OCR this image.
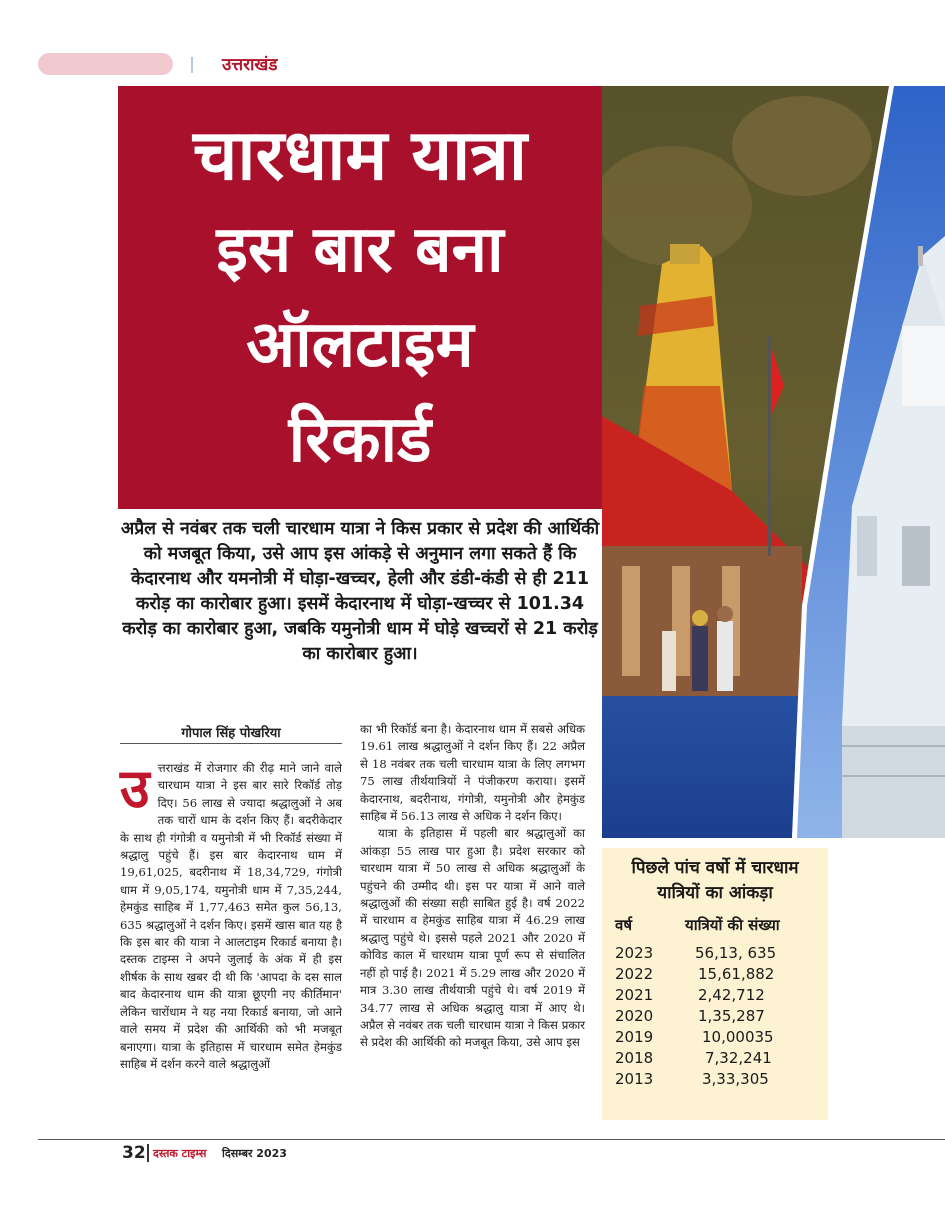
उत्तराखंड
चारधाम यात्रा
इस बार बना
ऑलटाइम
रिकार्ड
अप्रैल से नवंबर तक चली चारधाम यात्रा ने किस प्रकार से प्रदेश की आर्थिकी को मजबूत किया, उसे आप इस आंकड़े से अनुमान लगा सकते हैं कि केदारनाथ और यमनोत्री में घोड़ा-खच्चर, हेली और डंडी-कंडी से ही 211 करोड़ का कारोबार हुआ। इसमें केदारनाथ में घोड़ा-खच्चर से 101.34 करोड़ का कारोबार हुआ, जबकि यमुनोत्री धाम में घोड़े खच्चरों से 21 करोड़ का कारोबार हुआ।
गोपाल सिंह पोखरिया
उ त्तराखंड में रोजगार की रीढ़ माने जाने वाले चारधाम यात्रा ने इस बार सारे रिकॉर्ड तोड़ दिए। 56 लाख से ज्यादा श्रद्धालुओं ने अब तक चारों धाम के दर्शन किए हैं। बदरीकेदार के साथ ही गंगोत्री व यमुनोत्री में भी रिकॉर्ड संख्या में श्रद्धालु पहुंचे हैं। इस बार केदारनाथ धाम में 19,61,025, बदरीनाथ में 18,34,729, गंगोत्री धाम में 9,05,174, यमुनोत्री धाम में 7,35,244, हेमकुंड साहिब में 1,77,463 समेत कुल 56,13, 635 श्रद्धालुओं ने दर्शन किए। इसमें खास बात यह है कि इस बार की यात्रा ने आलटाइम रिकार्ड बनाया है। दस्तक टाइम्स ने अपने जुलाई के अंक में ही इस शीर्षक के साथ खबर दी थी कि 'आपदा के दस साल बाद केदारनाथ धाम की यात्रा छूएगी नए कीर्तिमान' लेकिन चारोंधाम ने यह नया रिकार्ड बनाया, जो आने वाले समय में प्रदेश की आर्थिकी को भी मजबूत बनाएगा। यात्रा के इतिहास में चारधाम समेत हेमकुंड साहिब में दर्शन करने वाले श्रद्धालुओं
का भी रिकॉर्ड बना है। केदारनाथ धाम में सबसे अधिक 19.61 लाख श्रद्धालुओं ने दर्शन किए हैं। 22 अप्रैल से 18 नवंबर तक चली चारधाम यात्रा के लिए लगभग 75 लाख तीर्थयात्रियों ने पंजीकरण कराया। इसमें केदारनाथ, बदरीनाथ, गंगोत्री, यमुनोत्री और हेमकुंड साहिब में 56.13 लाख से अधिक ने दर्शन किए।
यात्रा के इतिहास में पहली बार श्रद्धालुओं का आंकड़ा 55 लाख पार हुआ है। प्रदेश सरकार को चारधाम यात्रा में 50 लाख से अधिक श्रद्धालुओं के पहुंचने की उम्मीद थी। इस पर यात्रा में आने वाले श्रद्धालुओं की संख्या सही साबित हुई है। वर्ष 2022 में चारधाम व हेमकुंड साहिब यात्रा में 46.29 लाख श्रद्धालु पहुंचे थे। इससे पहले 2021 और 2020 में कोविड काल में चारधाम यात्रा पूर्ण रूप से संचालित नहीं हो पाई है। 2021 में 5.29 लाख और 2020 में मात्र 3.30 लाख तीर्थयात्री पहुंचे थे। वर्ष 2019 में 34.77 लाख से अधिक श्रद्धालु यात्रा में आए थे। अप्रैल से नवंबर तक चली चारधाम यात्रा ने किस प्रकार से प्रदेश की आर्थिकी को मजबूत किया, उसे आप इस
पिछले पांच वर्षो में चारधाम
यात्रियों का आंकड़ा
वर्ष	यात्रियों की संख्या
2023	56,13, 635
2022	15,61,882
2021	2,42,712
2020	1,35,287
2019	10,00035
2018	7,32,241
2013	3,33,305
32 दस्तक टाइम्स दिसम्बर 2023
